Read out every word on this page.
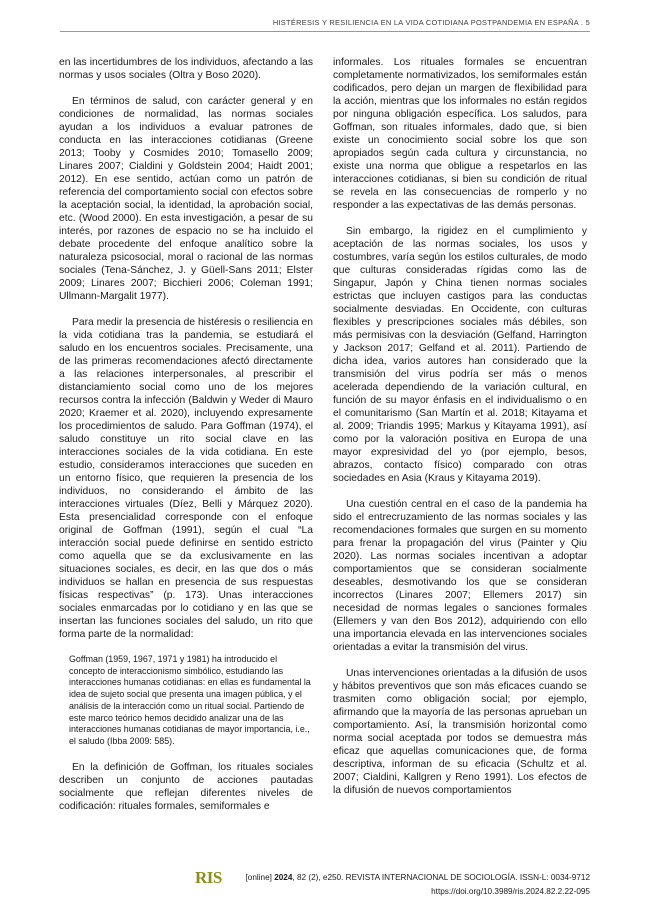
HISTÉRESIS Y RESILIENCIA EN LA VIDA COTIDIANA POSTPANDEMIA EN ESPAÑA . 5

en las incertidumbres de los individuos, afectando a las normas y usos sociales (Oltra y Boso 2020).

En términos de salud, con carácter general y en condiciones de normalidad, las normas sociales ayudan a los individuos a evaluar patrones de conducta en las interacciones cotidianas (Greene 2013; Tooby y Cosmides 2010; Tomasello 2009; Linares 2007; Cialdini y Goldstein 2004; Haidt 2001; 2012). En ese sentido, actúan como un patrón de referencia del comportamiento social con efectos sobre la aceptación social, la identidad, la aprobación social, etc. (Wood 2000). En esta investigación, a pesar de su interés, por razones de espacio no se ha incluido el debate procedente del enfoque analítico sobre la naturaleza psicosocial, moral o racional de las normas sociales (Tena-Sánchez, J. y Güell-Sans 2011; Elster 2009; Linares 2007; Bicchieri 2006; Coleman 1991; Ullmann-Margalit 1977).

Para medir la presencia de histéresis o resiliencia en la vida cotidiana tras la pandemia, se estudiará el saludo en los encuentros sociales. Precisamente, una de las primeras recomendaciones afectó directamente a las relaciones interpersonales, al prescribir el distanciamiento social como uno de los mejores recursos contra la infección (Baldwin y Weder di Mauro 2020; Kraemer et al. 2020), incluyendo expresamente los procedimientos de saludo. Para Goffman (1974), el saludo constituye un rito social clave en las interacciones sociales de la vida cotidiana. En este estudio, consideramos interacciones que suceden en un entorno físico, que requieren la presencia de los individuos, no considerando el ámbito de las interacciones virtuales (Díez, Belli y Márquez 2020). Esta presencialidad corresponde con el enfoque original de Goffman (1991), según el cual “La interacción social puede definirse en sentido estricto como aquella que se da exclusivamente en las situaciones sociales, es decir, en las que dos o más individuos se hallan en presencia de sus respuestas físicas respectivas” (p. 173). Unas interacciones sociales enmarcadas por lo cotidiano y en las que se insertan las funciones sociales del saludo, un rito que forma parte de la normalidad:

Goffman (1959, 1967, 1971 y 1981) ha introducido el concepto de interaccionismo simbólico, estudiando las interacciones humanas cotidianas: en ellas es fundamental la idea de sujeto social que presenta una imagen pública, y el análisis de la interacción como un ritual social. Partiendo de este marco teórico hemos decidido analizar una de las interacciones humanas cotidianas de mayor importancia, i.e., el saludo (Ibba 2009: 585).

En la definición de Goffman, los rituales sociales describen un conjunto de acciones pautadas socialmente que reflejan diferentes niveles de codificación: rituales formales, semiformales e

informales. Los rituales formales se encuentran completamente normativizados, los semiformales están codificados, pero dejan un margen de flexibilidad para la acción, mientras que los informales no están regidos por ninguna obligación específica. Los saludos, para Goffman, son rituales informales, dado que, si bien existe un conocimiento social sobre los que son apropiados según cada cultura y circunstancia, no existe una norma que obligue a respetarlos en las interacciones cotidianas, si bien su condición de ritual se revela en las consecuencias de romperlo y no responder a las expectativas de las demás personas.

Sin embargo, la rigidez en el cumplimiento y aceptación de las normas sociales, los usos y costumbres, varía según los estilos culturales, de modo que culturas consideradas rígidas como las de Singapur, Japón y China tienen normas sociales estrictas que incluyen castigos para las conductas socialmente desviadas. En Occidente, con culturas flexibles y prescripciones sociales más débiles, son más permisivas con la desviación (Gelfand, Harrington y Jackson 2017; Gelfand et al. 2011). Partiendo de dicha idea, varios autores han considerado que la transmisión del virus podría ser más o menos acelerada dependiendo de la variación cultural, en función de su mayor énfasis en el individualismo o en el comunitarismo (San Martín et al. 2018; Kitayama et al. 2009; Triandis 1995; Markus y Kitayama 1991), así como por la valoración positiva en Europa de una mayor expresividad del yo (por ejemplo, besos, abrazos, contacto físico) comparado con otras sociedades en Asia (Kraus y Kitayama 2019).

Una cuestión central en el caso de la pandemia ha sido el entrecruzamiento de las normas sociales y las recomendaciones formales que surgen en su momento para frenar la propagación del virus (Painter y Qiu 2020). Las normas sociales incentivan a adoptar comportamientos que se consideran socialmente deseables, desmotivando los que se consideran incorrectos (Linares 2007; Ellemers 2017) sin necesidad de normas legales o sanciones formales (Ellemers y van den Bos 2012), adquiriendo con ello una importancia elevada en las intervenciones sociales orientadas a evitar la transmisión del virus.

Unas intervenciones orientadas a la difusión de usos y hábitos preventivos que son más eficaces cuando se trasmiten como obligación social; por ejemplo, afirmando que la mayoría de las personas aprueban un comportamiento. Así, la transmisión horizontal como norma social aceptada por todos se demuestra más eficaz que aquellas comunicaciones que, de forma descriptiva, informan de su eficacia (Schultz et al. 2007; Cialdini, Kallgren y Reno 1991). Los efectos de la difusión de nuevos comportamientos

RIS	[online] 2024, 82 (2), e250. REVISTA INTERNACIONAL DE SOCIOLOGÍA. ISSN-L: 0034-9712
https://doi.org/10.3989/ris.2024.82.2.22-095
